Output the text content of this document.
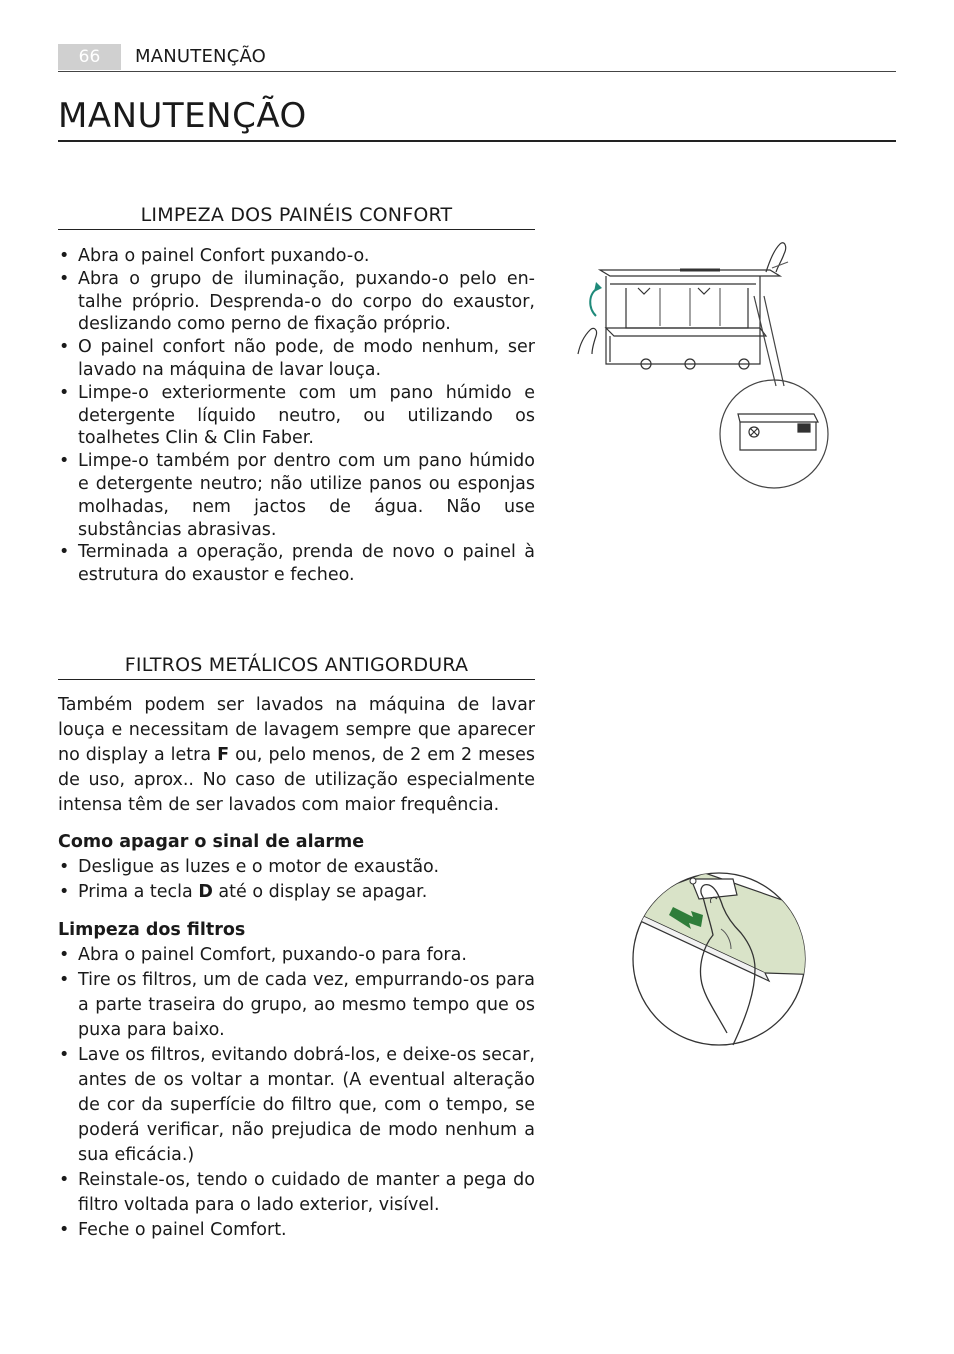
66	MANUTENÇÃO
MANUTENÇÃO
LIMPEZA DOS PAINÉIS CONFORT
• Abra o painel Confort puxando-o.
• Abra o grupo de iluminação, puxando-o pelo en-talhe próprio. Desprenda-o do corpo do exaustor, deslizando como perno de fixação próprio.
• O painel confort não pode, de modo nenhum, ser lavado na máquina de lavar louça.
• Limpe-o exteriormente com um pano húmido e detergente líquido neutro, ou utilizando os toalhetes Clin & Clin Faber.
• Limpe-o também por dentro com um pano húmido e detergente neutro; não utilize panos ou esponjas molhadas, nem jactos de água. Não use substâncias abrasivas.
• Terminada a operação, prenda de novo o painel à estrutura do exaustor e fecheo.
FILTROS METÁLICOS ANTIGORDURA

Também podem ser lavados na máquina de lavar louça e necessitam de lavagem sempre que aparecer no display a letra F ou, pelo menos, de 2 em 2 meses de uso, aprox.. No caso de utilização especialmente intensa têm de ser lavados com maior frequência.

Como apagar o sinal de alarme
• Desligue as luzes e o motor de exaustão.
• Prima a tecla D até o display se apagar.
Limpeza dos filtros
• Abra o painel Comfort, puxando-o para fora.
• Tire os filtros, um de cada vez, empurrando-os para a parte traseira do grupo, ao mesmo tempo que os puxa para baixo.
• Lave os filtros, evitando dobrá-los, e deixe-os secar, antes de os voltar a montar. (A eventual alteração de cor da superfície do filtro que, com o tempo, se poderá verificar, não prejudica de modo nenhum a sua eficácia.)
• Reinstale-os, tendo o cuidado de manter a pega do filtro voltada para o lado exterior, visível.
• Feche o painel Comfort.
